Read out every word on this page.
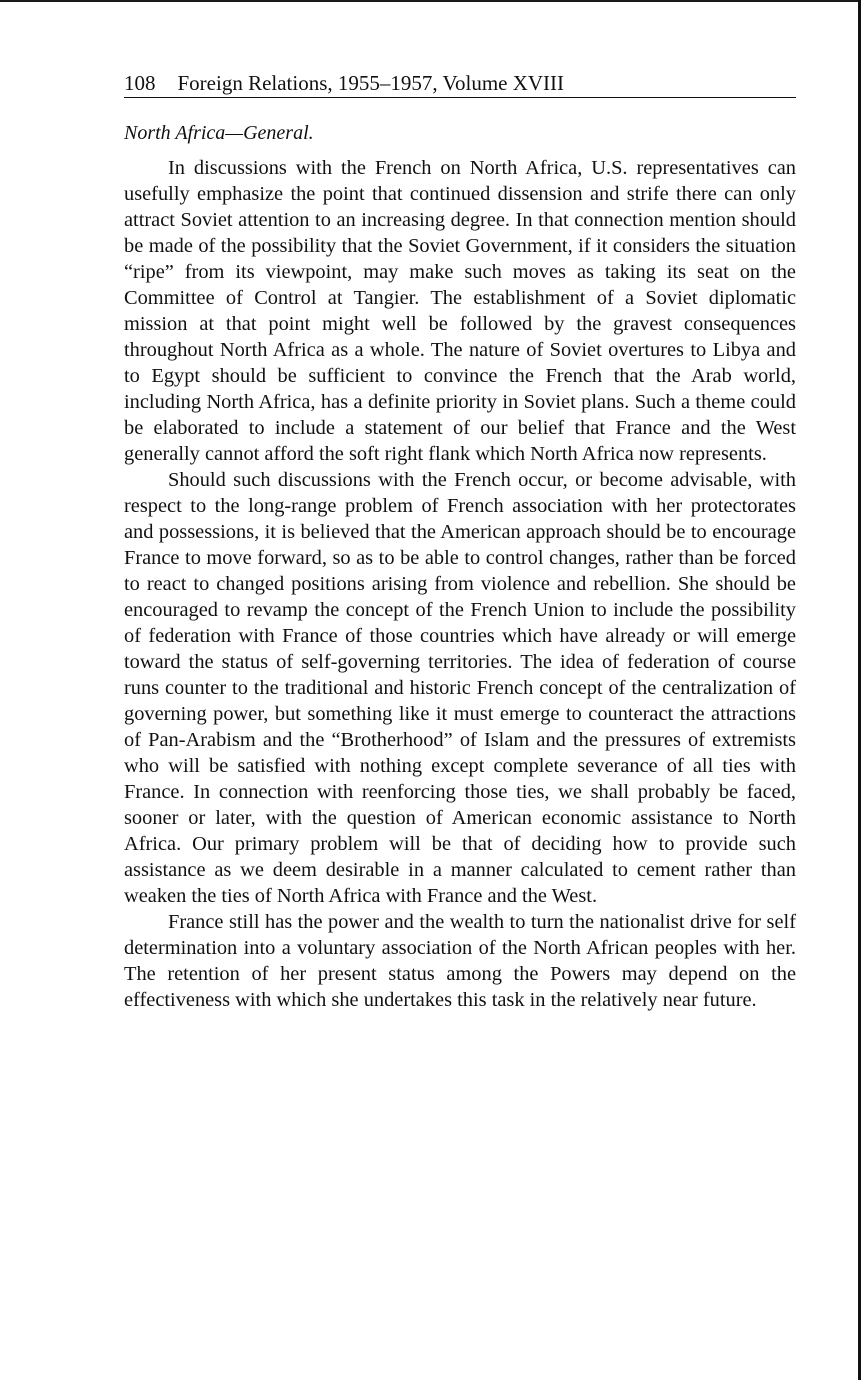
108 Foreign Relations, 1955–1957, Volume XVIII
North Africa—General.

In discussions with the French on North Africa, U.S. representatives can usefully emphasize the point that continued dissension and strife there can only attract Soviet attention to an increasing degree. In that connection mention should be made of the possibility that the Soviet Government, if it considers the situation “ripe” from its viewpoint, may make such moves as taking its seat on the Committee of Control at Tangier. The establishment of a Soviet diplomatic mission at that point might well be followed by the gravest consequences throughout North Africa as a whole. The nature of Soviet overtures to Libya and to Egypt should be sufficient to convince the French that the Arab world, including North Africa, has a definite priority in Soviet plans. Such a theme could be elaborated to include a statement of our belief that France and the West generally cannot afford the soft right flank which North Africa now represents.

Should such discussions with the French occur, or become advisable, with respect to the long-range problem of French association with her protectorates and possessions, it is believed that the American approach should be to encourage France to move forward, so as to be able to control changes, rather than be forced to react to changed positions arising from violence and rebellion. She should be encouraged to revamp the concept of the French Union to include the possibility of federation with France of those countries which have already or will emerge toward the status of self-governing territories. The idea of federation of course runs counter to the traditional and historic French concept of the centralization of governing power, but something like it must emerge to counteract the attractions of Pan-Arabism and the “Brotherhood” of Islam and the pressures of extremists who will be satisfied with nothing except complete severance of all ties with France. In connection with reenforcing those ties, we shall probably be faced, sooner or later, with the question of American economic assistance to North Africa. Our primary problem will be that of deciding how to provide such assistance as we deem desirable in a manner calculated to cement rather than weaken the ties of North Africa with France and the West.

France still has the power and the wealth to turn the nationalist drive for self determination into a voluntary association of the North African peoples with her. The retention of her present status among the Powers may depend on the effectiveness with which she undertakes this task in the relatively near future.
